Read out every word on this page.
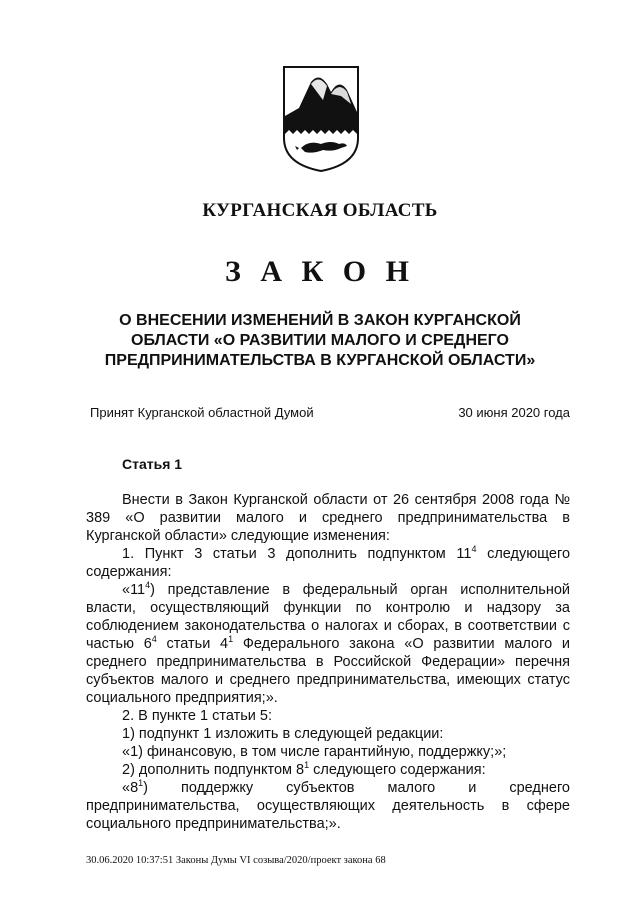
КУРГАНСКАЯ ОБЛАСТЬ
З А К О Н
О ВНЕСЕНИИ ИЗМЕНЕНИЙ В ЗАКОН КУРГАНСКОЙ
ОБЛАСТИ «О РАЗВИТИИ МАЛОГО И СРЕДНЕГО
ПРЕДПРИНИМАТЕЛЬСТВА В КУРГАНСКОЙ ОБЛАСТИ»
Принят Курганской областной Думой	30 июня 2020 года
Статья 1

Внести в Закон Курганской области от 26 сентября 2008 года № 389 «О развитии малого и среднего предпринимательства в Курганской области» следующие изменения:

1. Пункт 3 статьи 3 дополнить подпунктом $11^4$ следующего содержания:

«$11^4$) представление в федеральный орган исполнительной власти, осуществляющий функции по контролю и надзору за соблюдением законодательства о налогах и сборах, в соответствии с частью $6^4$ статьи $4^1$ Федерального закона «О развитии малого и среднего предпринимательства в Российской Федерации» перечня субъектов малого и среднего предпринимательства, имеющих статус социального предприятия;».

2. В пункте 1 статьи 5:

1) подпункт 1 изложить в следующей редакции:

«1) финансовую, в том числе гарантийную, поддержку;»;

2) дополнить подпунктом $8^1$ следующего содержания:

«$8^1$) поддержку субъектов малого и среднего предпринимательства, осуществляющих деятельность в сфере социального предпринимательства;».

30.06.2020 10:37:51 Законы Думы VI созыва/2020/проект закона 68
